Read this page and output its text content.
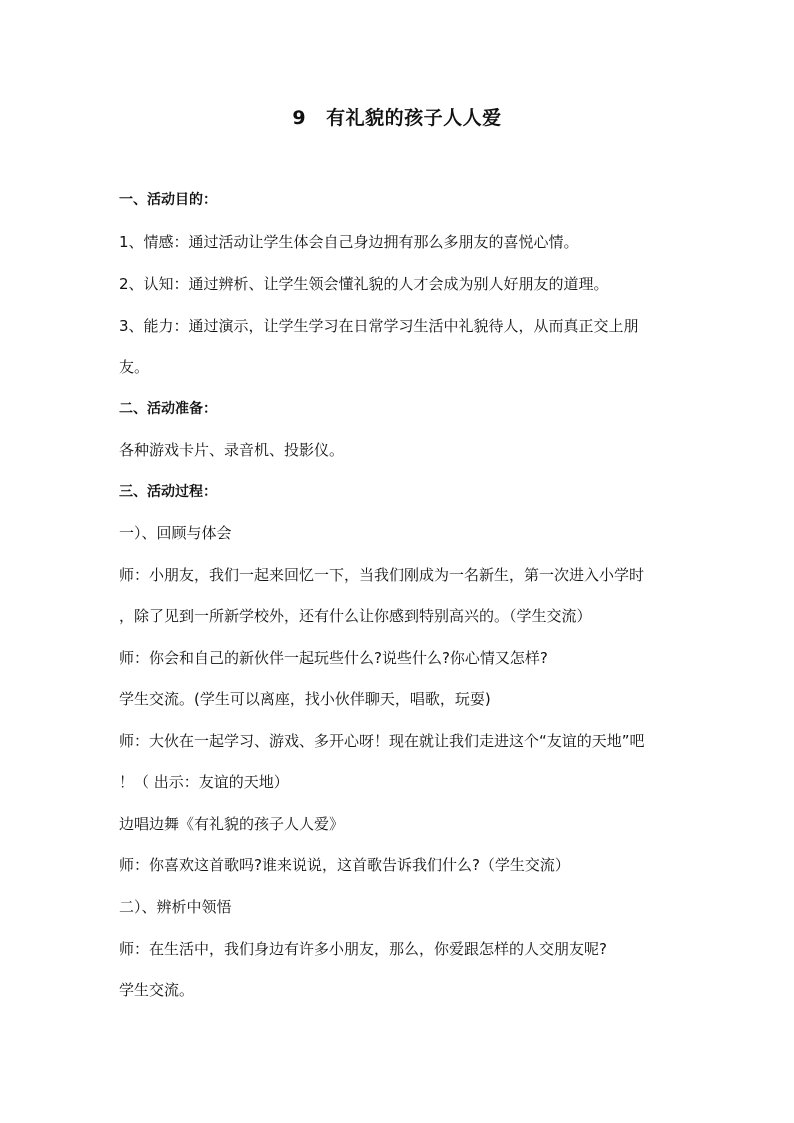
9 有礼貌的孩子人人爱
一、活动目的：
1、情感：通过活动让学生体会自己身边拥有那么多朋友的喜悦心情。
2、认知：通过辨析、让学生领会懂礼貌的人才会成为别人好朋友的道理。
3、能力：通过演示，让学生学习在日常学习生活中礼貌待人，从而真正交上朋
友。
二、活动准备：
各种游戏卡片、录音机、投影仪。
三、活动过程：
一）、回顾与体会
师：小朋友，我们一起来回忆一下，当我们刚成为一名新生，第一次进入小学时
，除了见到一所新学校外，还有什么让你感到特别高兴的。（学生交流）
师：你会和自己的新伙伴一起玩些什么?说些什么?你心情又怎样?
学生交流。(学生可以离座，找小伙伴聊天，唱歌，玩耍)
师：大伙在一起学习、游戏、多开心呀！现在就让我们走进这个“友谊的天地”吧
！（ 出示：友谊的天地）
边唱边舞《有礼貌的孩子人人爱》
师：你喜欢这首歌吗?谁来说说，这首歌告诉我们什么?（学生交流）
二）、辨析中领悟
师：在生活中，我们身边有许多小朋友，那么，你爱跟怎样的人交朋友呢?
学生交流。
